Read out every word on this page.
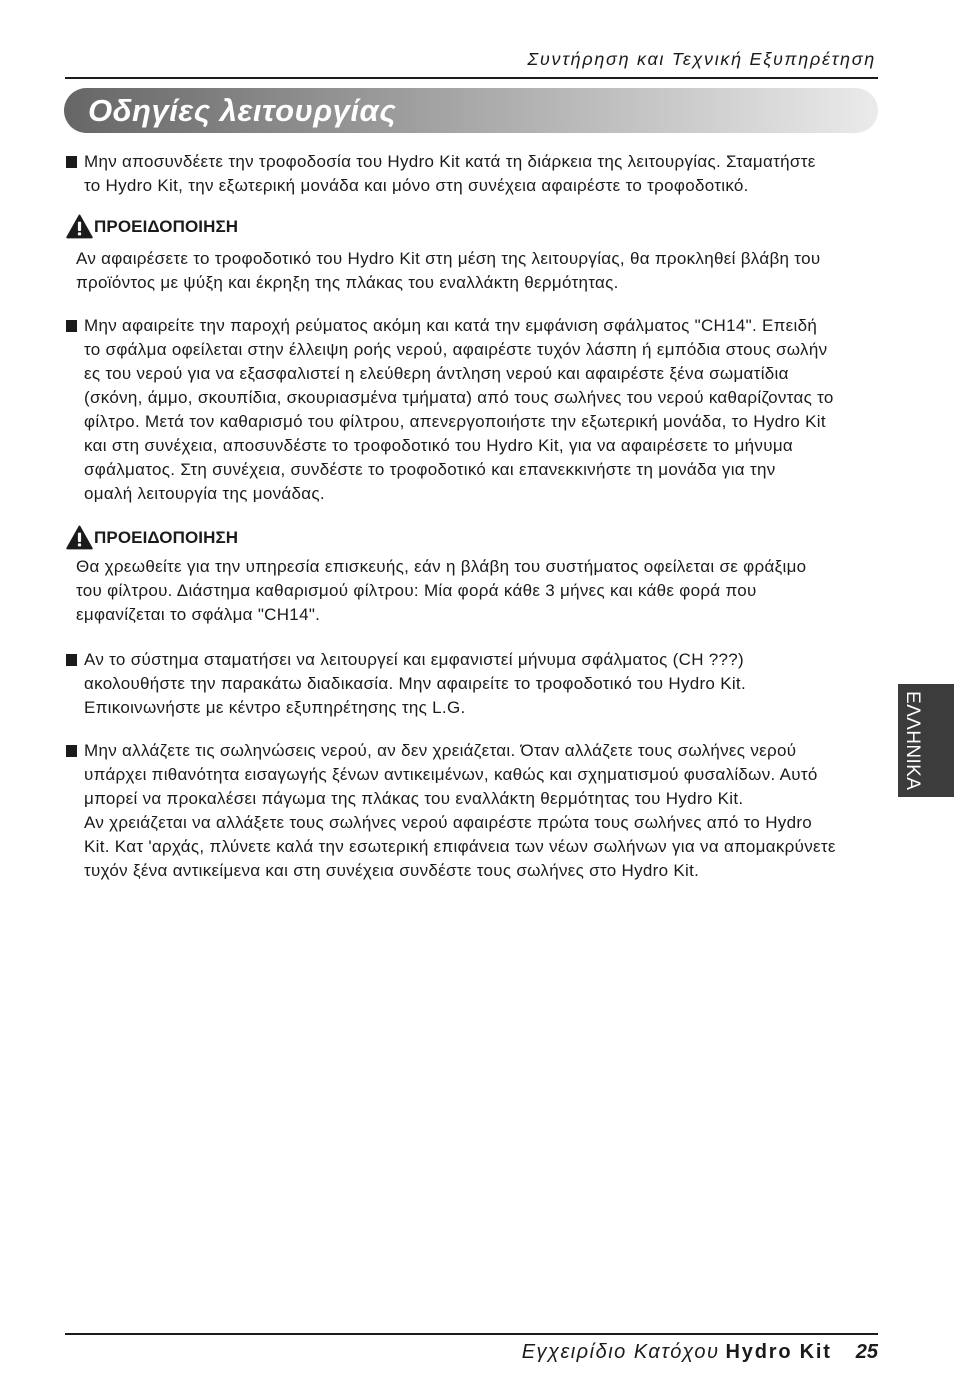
Συντήρηση και Τεχνική Εξυπηρέτηση
Οδηγίες λειτουργίας
Μην αποσυνδέετε την τροφοδοσία του Hydro Kit κατά τη διάρκεια της λειτουργίας. Σταματήστε
το Hydro Kit, την εξωτερική μονάδα και μόνο στη συνέχεια αφαιρέστε το τροφοδοτικό.
ΠΡΟΕΙΔΟΠΟΙΗΣΗ
Αν αφαιρέσετε το τροφοδοτικό του Hydro Kit στη μέση της λειτουργίας, θα προκληθεί βλάβη του
προϊόντος με ψύξη και έκρηξη της πλάκας του εναλλάκτη θερμότητας.
Μην αφαιρείτε την παροχή ρεύματος ακόμη και κατά την εμφάνιση σφάλματος "CH14". Επειδή
το σφάλμα οφείλεται στην έλλειψη ροής νερού, αφαιρέστε τυχόν λάσπη ή εμπόδια στους σωλήν
ες του νερού για να εξασφαλιστεί η ελεύθερη άντληση νερού και αφαιρέστε ξένα σωματίδια
(σκόνη, άμμο, σκουπίδια, σκουριασμένα τμήματα) από τους σωλήνες του νερού καθαρίζοντας το
φίλτρο. Μετά τον καθαρισμό του φίλτρου, απενεργοποιήστε την εξωτερική μονάδα, το Hydro Kit
και στη συνέχεια, αποσυνδέστε το τροφοδοτικό του Hydro Kit, για να αφαιρέσετε το μήνυμα
σφάλματος. Στη συνέχεια, συνδέστε το τροφοδοτικό και επανεκκινήστε τη μονάδα για την
ομαλή λειτουργία της μονάδας.
ΠΡΟΕΙΔΟΠΟΙΗΣΗ
Θα χρεωθείτε για την υπηρεσία επισκευής, εάν η βλάβη του συστήματος οφείλεται σε φράξιμο
του φίλτρου. Διάστημα καθαρισμού φίλτρου: Μία φορά κάθε 3 μήνες και κάθε φορά που
εμφανίζεται το σφάλμα "CH14".
Αν το σύστημα σταματήσει να λειτουργεί και εμφανιστεί μήνυμα σφάλματος (CH ???)
ακολουθήστε την παρακάτω διαδικασία. Μην αφαιρείτε το τροφοδοτικό του Hydro Kit.
Επικοινωνήστε με κέντρο εξυπηρέτησης της L.G.
Μην αλλάζετε τις σωληνώσεις νερού, αν δεν χρειάζεται. Όταν αλλάζετε τους σωλήνες νερού
υπάρχει πιθανότητα εισαγωγής ξένων αντικειμένων, καθώς και σχηματισμού φυσαλίδων. Αυτό
μπορεί να προκαλέσει πάγωμα της πλάκας του εναλλάκτη θερμότητας του Hydro Kit.
Αν χρειάζεται να αλλάξετε τους σωλήνες νερού αφαιρέστε πρώτα τους σωλήνες από το Hydro
Kit. Κατ 'αρχάς, πλύνετε καλά την εσωτερική επιφάνεια των νέων σωλήνων για να απομακρύνετε
τυχόν ξένα αντικείμενα και στη συνέχεια συνδέστε τους σωλήνες στο Hydro Kit.
ΕΛΛΗΝΙΚΑ
Εγχειρίδιο Κατόχου Hydro Kit 25
